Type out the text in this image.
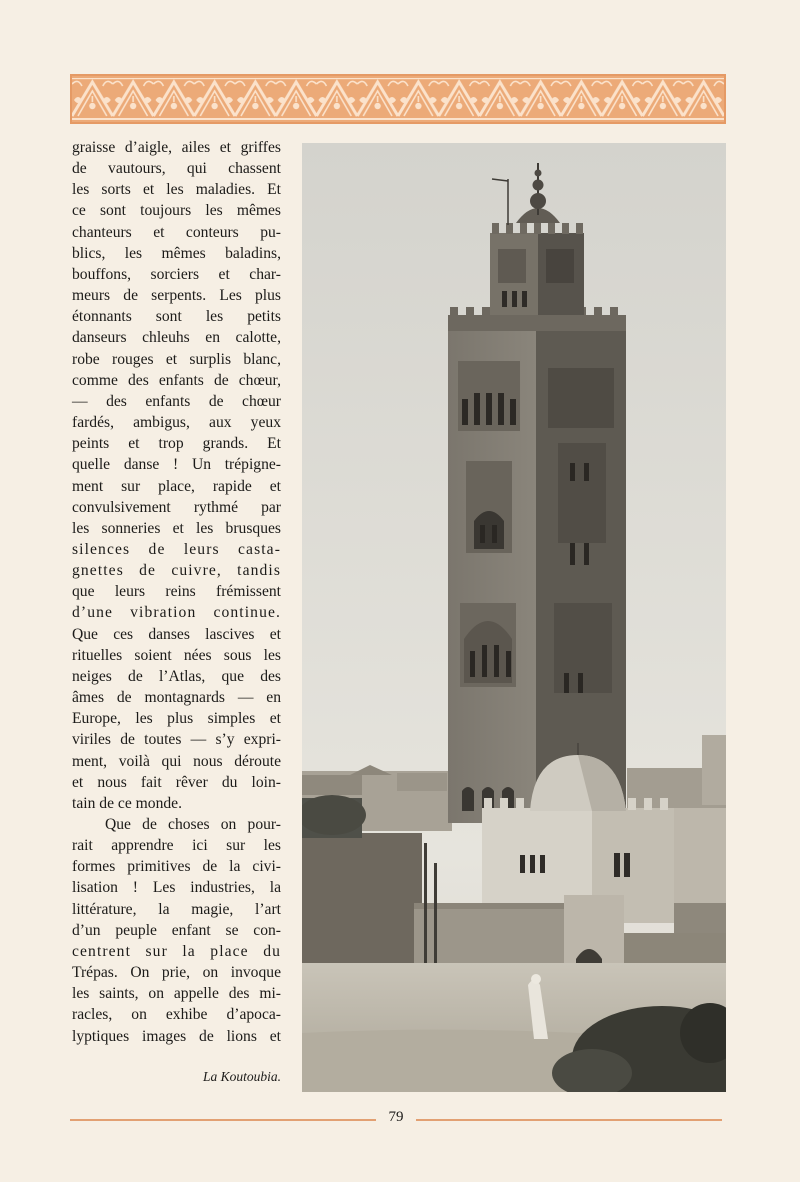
graisse d’aigle, ailes et griffes
de vautours, qui chassent
les sorts et les maladies. Et
ce sont toujours les mêmes
chanteurs et conteurs pu-
blics, les mêmes baladins,
bouffons, sorciers et char-
meurs de serpents. Les plus
étonnants sont les petits
danseurs chleuhs en calotte,
robe rouges et surplis blanc,
comme des enfants de chœur,
— des enfants de chœur
fardés, ambigus, aux yeux
peints et trop grands. Et
quelle danse ! Un trépigne-
ment sur place, rapide et
convulsivement rythmé par
les sonneries et les brusques
silences de leurs casta-
gnettes de cuivre, tandis
que leurs reins frémissent
d’une vibration continue.
Que ces danses lascives et
rituelles soient nées sous les
neiges de l’Atlas, que des
âmes de montagnards — en
Europe, les plus simples et
viriles de toutes — s’y expri-
ment, voilà qui nous déroute
et nous fait rêver du loin-
tain de ce monde.
Que de choses on pour-
rait apprendre ici sur les
formes primitives de la civi-
lisation ! Les industries, la
littérature, la magie, l’art
d’un peuple enfant se con-
centrent sur la place du
Trépas. On prie, on invoque
les saints, on appelle des mi-
racles, on exhibe d’apoca-
lyptiques images de lions et
La Koutoubia.
79
